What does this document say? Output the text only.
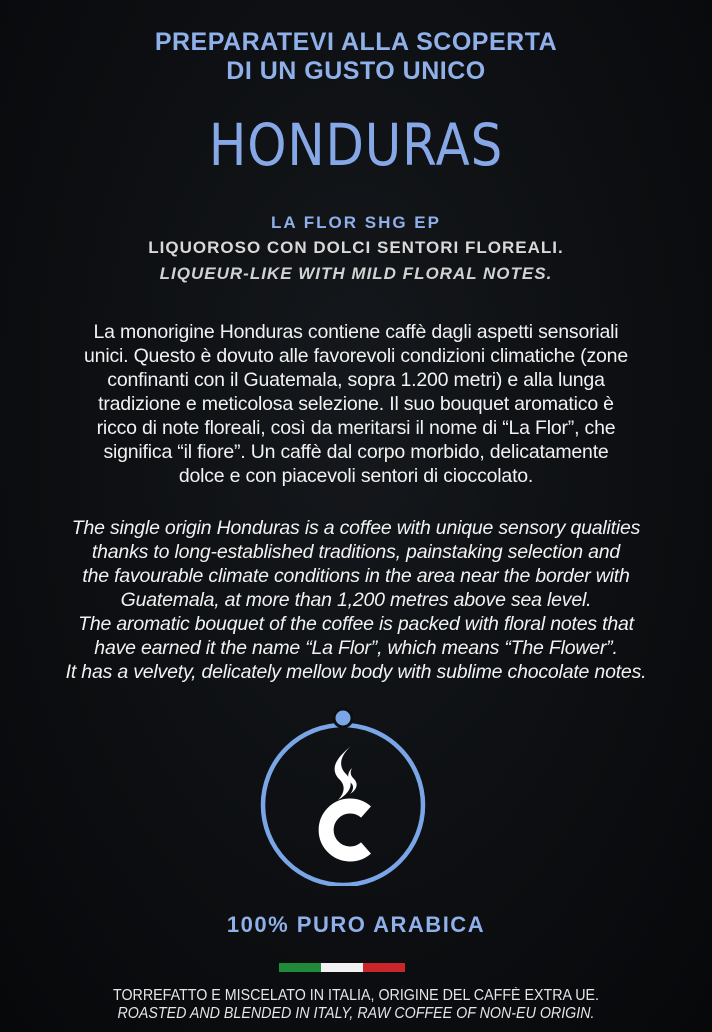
PREPARATEVI ALLA SCOPERTA
DI UN GUSTO UNICO
HONDURAS
LA FLOR SHG EP
LIQUOROSO CON DOLCI SENTORI FLOREALI.
LIQUEUR-LIKE WITH MILD FLORAL NOTES.
La monorigine Honduras contiene caffè dagli aspetti sensoriali
unici. Questo è dovuto alle favorevoli condizioni climatiche (zone
confinanti con il Guatemala, sopra 1.200 metri) e alla lunga
tradizione e meticolosa selezione. Il suo bouquet aromatico è
ricco di note floreali, così da meritarsi il nome di “La Flor”, che
significa “il fiore”. Un caffè dal corpo morbido, delicatamente
dolce e con piacevoli sentori di cioccolato.
The single origin Honduras is a coffee with unique sensory qualities
thanks to long-established traditions, painstaking selection and
the favourable climate conditions in the area near the border with
Guatemala, at more than 1,200 metres above sea level.
The aromatic bouquet of the coffee is packed with floral notes that
have earned it the name “La Flor”, which means “The Flower”.
It has a velvety, delicately mellow body with sublime chocolate notes.
100% PURO ARABICA
TORREFATTO E MISCELATO IN ITALIA, ORIGINE DEL CAFFÈ EXTRA UE.
ROASTED AND BLENDED IN ITALY, RAW COFFEE OF NON-EU ORIGIN.
